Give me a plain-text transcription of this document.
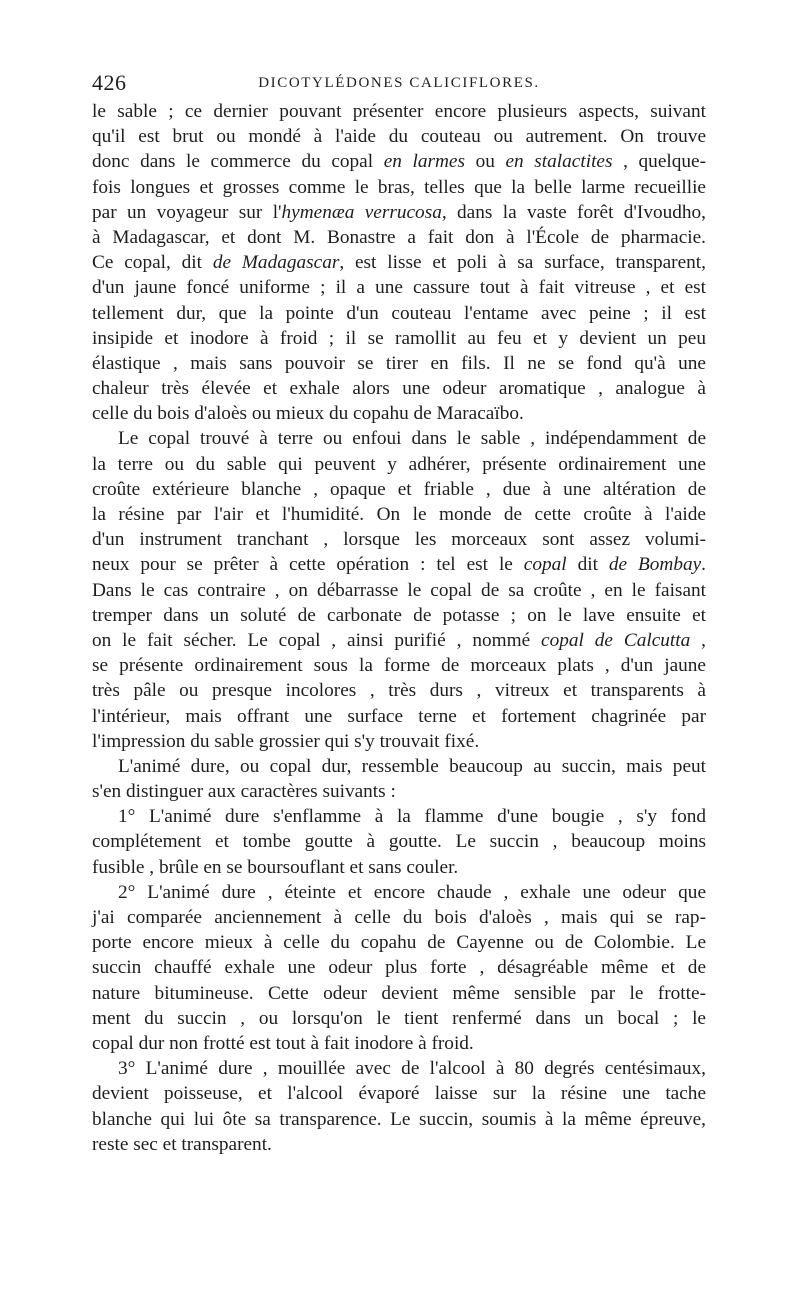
426	DICOTYLÉDONES CALICIFLORES.
le sable ; ce dernier pouvant présenter encore plusieurs aspects, suivant
qu'il est brut ou mondé à l'aide du couteau ou autrement. On trouve
donc dans le commerce du copal en larmes ou en stalactites , quelque-
fois longues et grosses comme le bras, telles que la belle larme recueillie
par un voyageur sur l'hymenæa verrucosa, dans la vaste forêt d'Ivoudho,
à Madagascar, et dont M. Bonastre a fait don à l'École de pharmacie.
Ce copal, dit de Madagascar, est lisse et poli à sa surface, transparent,
d'un jaune foncé uniforme ; il a une cassure tout à fait vitreuse , et est
tellement dur, que la pointe d'un couteau l'entame avec peine ; il est
insipide et inodore à froid ; il se ramollit au feu et y devient un peu
élastique , mais sans pouvoir se tirer en fils. Il ne se fond qu'à une
chaleur très élevée et exhale alors une odeur aromatique , analogue à
celle du bois d'aloès ou mieux du copahu de Maracaïbo.
Le copal trouvé à terre ou enfoui dans le sable , indépendamment de
la terre ou du sable qui peuvent y adhérer, présente ordinairement une
croûte extérieure blanche , opaque et friable , due à une altération de
la résine par l'air et l'humidité. On le monde de cette croûte à l'aide
d'un instrument tranchant , lorsque les morceaux sont assez volumi-
neux pour se prêter à cette opération : tel est le copal dit de Bombay.
Dans le cas contraire , on débarrasse le copal de sa croûte , en le faisant
tremper dans un soluté de carbonate de potasse ; on le lave ensuite et
on le fait sécher. Le copal , ainsi purifié , nommé copal de Calcutta ,
se présente ordinairement sous la forme de morceaux plats , d'un jaune
très pâle ou presque incolores , très durs , vitreux et transparents à
l'intérieur, mais offrant une surface terne et fortement chagrinée par
l'impression du sable grossier qui s'y trouvait fixé.
L'animé dure, ou copal dur, ressemble beaucoup au succin, mais peut
s'en distinguer aux caractères suivants :
1° L'animé dure s'enflamme à la flamme d'une bougie , s'y fond
complétement et tombe goutte à goutte. Le succin , beaucoup moins
fusible , brûle en se boursouflant et sans couler.
2° L'animé dure , éteinte et encore chaude , exhale une odeur que
j'ai comparée anciennement à celle du bois d'aloès , mais qui se rap-
porte encore mieux à celle du copahu de Cayenne ou de Colombie. Le
succin chauffé exhale une odeur plus forte , désagréable même et de
nature bitumineuse. Cette odeur devient même sensible par le frotte-
ment du succin , ou lorsqu'on le tient renfermé dans un bocal ; le
copal dur non frotté est tout à fait inodore à froid.
3° L'animé dure , mouillée avec de l'alcool à 80 degrés centésimaux,
devient poisseuse, et l'alcool évaporé laisse sur la résine une tache
blanche qui lui ôte sa transparence. Le succin, soumis à la même épreuve,
reste sec et transparent.
